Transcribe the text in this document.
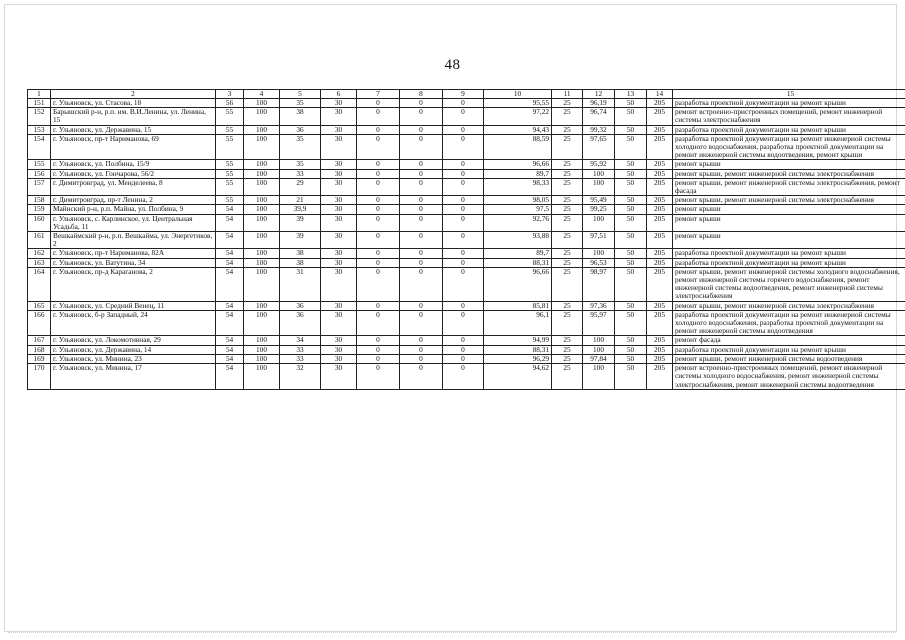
48
1	2	3	4	5	6	7	8	9	10	11	12	13	14	15
151	г. Ульяновск, ул. Стасова, 18	56	100	35	30	0	0	0	95,55	25	96,19	50	205	разработка проектной документации на ремонт крыши
152	Барышский р-н, р.п. им. В.И.Ленина, ул. Ленина, 15	55	100	38	30	0	0	0	97,22	25	96,74	50	205	ремонт встроенно-пристроенных помещений, ремонт инженерной системы электроснабжения
153	г. Ульяновск, ул. Державина, 15	55	100	36	30	0	0	0	94,43	25	99,32	50	205	разработка проектной документации на ремонт крыши
154	г. Ульяновск, пр-т Нариманова, 69	55	100	35	30	0	0	0	88,59	25	97,65	50	205	разработка проектной документации на ремонт инженерной системы холодного водоснабжения, разработка проектной документации на ремонт инженерной системы водоотведения, ремонт крыши
155	г. Ульяновск, ул. Полбина, 15/9	55	100	35	30	0	0	0	96,66	25	95,92	50	205	ремонт крыши
156	г. Ульяновск, ул. Гончарова, 56/2	55	100	33	30	0	0	0	89,7	25	100	50	205	ремонт крыши, ремонт инженерной системы электроснабжения
157	г. Димитровград, ул. Менделеева, 8	55	100	29	30	0	0	0	98,33	25	100	50	205	ремонт крыши, ремонт инженерной системы электроснабжения, ремонт фасада
158	г. Димитровград, пр-т Ленина, 2	55	100	21	30	0	0	0	98,05	25	95,49	50	205	ремонт крыши, ремонт инженерной системы электроснабжения
159	Майнский р-н, р.п. Майна, ул. Полбина, 9	54	100	39,9	30	0	0	0	97,5	25	99,25	50	205	ремонт крыши
160	г. Ульяновск, с. Карлинское, ул. Центральная Усадьба, 11	54	100	39	30	0	0	0	92,76	25	100	50	205	ремонт крыши
161	Вешкаймский р-н, р.п. Вешкайма, ул. Энергетиков, 2	54	100	39	30	0	0	0	93,88	25	97,51	50	205	ремонт крыши
162	г. Ульяновск, пр-т Нариманова, 82А	54	100	38	30	0	0	0	89,7	25	100	50	205	разработка проектной документации на ремонт крыши
163	г. Ульяновск, ул. Ватутина, 34	54	100	38	30	0	0	0	88,31	25	96,53	50	205	разработка проектной документации на ремонт крыши
164	г. Ульяновск, пр-д Караганова, 2	54	100	31	30	0	0	0	96,66	25	98,97	50	205	ремонт крыши, ремонт инженерной системы холодного водоснабжения, ремонт инженерной системы горячего водоснабжения, ремонт инженерной системы водоотведения, ремонт инженерной системы электроснабжения
165	г. Ульяновск, ул. Средний Венец, 11	54	100	36	30	0	0	0	85,81	25	97,36	50	205	ремонт крыши, ремонт инженерной системы электроснабжения
166	г. Ульяновск, б-р Западный, 24	54	100	36	30	0	0	0	96,1	25	95,97	50	205	разработка проектной документации на ремонт инженерной системы холодного водоснабжения, разработка проектной документации на ремонт инженерной системы водоотведения
167	г. Ульяновск, ул. Локомотивная, 29	54	100	34	30	0	0	0	94,99	25	100	50	205	ремонт фасада
168	г. Ульяновск, ул. Державина, 14	54	100	33	30	0	0	0	88,31	25	100	50	205	разработка проектной документации на ремонт крыши
169	г. Ульяновск, ул. Минина, 23	54	100	33	30	0	0	0	96,29	25	97,84	50	205	ремонт крыши, ремонт инженерной системы водоотведения
170	г. Ульяновск, ул. Минина, 17	54	100	32	30	0	0	0	94,62	25	100	50	205	ремонт встроенно-пристроенных помещений, ремонт инженерной системы холодного водоснабжения, ремонт инженерной системы электроснабжения, ремонт инженерной системы водоотведения
